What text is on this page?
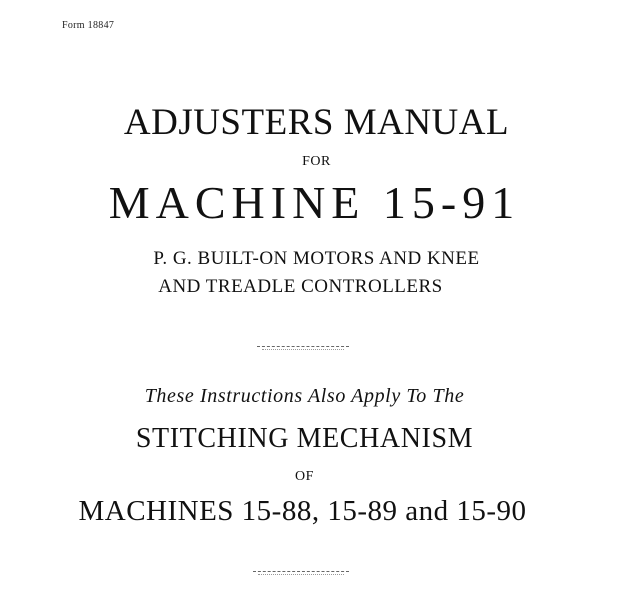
Form 18847
ADJUSTERS MANUAL
FOR
MACHINE 15-91
P. G. BUILT-ON MOTORS AND KNEE
AND TREADLE CONTROLLERS
These Instructions Also Apply To The
STITCHING MECHANISM
OF
MACHINES 15-88, 15-89 and 15-90
